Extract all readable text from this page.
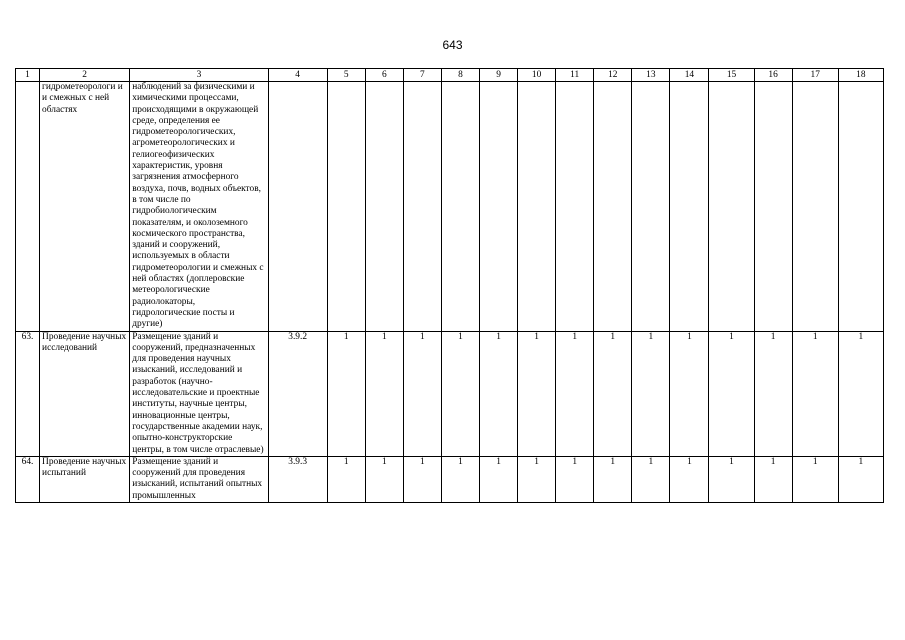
643
1	2	3	4	5	6	7	8	9	10	11	12	13	14	15	16	17	18
	гидрометеорологи и и смежных с ней областях	наблюдений за физическими и химическими процессами, происходящими в окружающей среде, определения ее гидрометеорологических, агрометеорологических и гелиогеофизических характеристик, уровня загрязнения атмосферного воздуха, почв, водных объектов, в том числе по гидробиологическим показателям, и околоземного космического пространства, зданий и сооружений, используемых в области гидрометеорологии и смежных с ней областях (доплеровские метеорологические радиолокаторы, гидрологические посты и другие)															
63.	Проведение научных исследований	Размещение зданий и сооружений, предназначенных для проведения научных изысканий, исследований и разработок (научно-исследовательские и проектные институты, научные центры, инновационные центры, государственные академии наук, опытно-конструкторские центры, в том числе отраслевые)	3.9.2	1	1	1	1	1	1	1	1	1	1	1	1	1	1
64.	Проведение научных испытаний	Размещение зданий и сооружений для проведения изысканий, испытаний опытных промышленных	3.9.3	1	1	1	1	1	1	1	1	1	1	1	1	1	1
